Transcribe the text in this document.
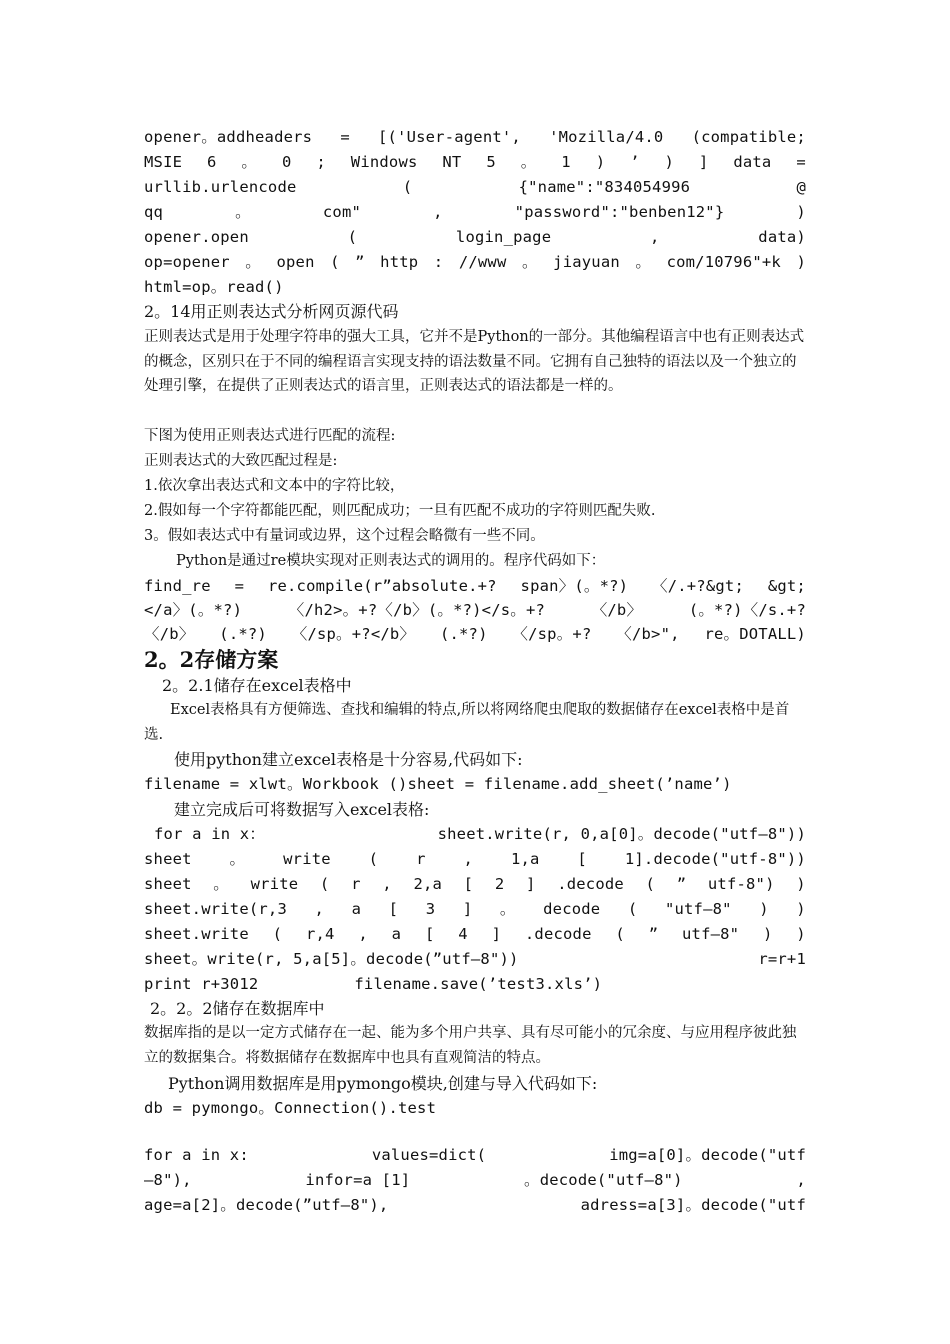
opener。addheaders = [('User-agent', 'Mozilla/4.0 (compatible;
MSIE 6 。 0 ; Windows NT 5 。 1 ) ’ ) ] data =
urllib.urlencode	(	{"name":"834054996	@
qq	。	com"	,	"password":"benben12"}	)
opener.open	(	login_page	,	data)
op=opener 。 open ( ” http : //www 。 jiayuan 。 com/10796"+k )
html=op。read()
2。14用正则表达式分析网页源代码
正则表达式是用于处理字符串的强大工具，它并不是Python的一部分。其他编程语言中也有正则表达式的概念，区别只在于不同的编程语言实现支持的语法数量不同。它拥有自己独特的语法以及一个独立的处理引擎，在提供了正则表达式的语言里，正则表达式的语法都是一样的。
下图为使用正则表达式进行匹配的流程:
正则表达式的大致匹配过程是:
1.依次拿出表达式和文本中的字符比较，
2.假如每一个字符都能匹配，则匹配成功；一旦有匹配不成功的字符则匹配失败.
3。假如表达式中有量词或边界，这个过程会略微有一些不同。
Python是通过re模块实现对正则表达式的调用的。程序代码如下：
find_re = re.compile(r”absolute.+? span〉(。*?) 〈/.+?&gt; &gt;
</a〉(。*?)	〈/h2>。+?〈/b〉(。*?)</s。+?	〈/b〉	(。*?)〈/s.+?
〈/b〉 (.*?) 〈/sp。+?</b〉 (.*?) 〈/sp。+? 〈/b>", re。DOTALL)
2。2存储方案
2。2.1储存在excel表格中
Excel表格具有方便筛选、查找和编辑的特点,所以将网络爬虫爬取的数据储存在excel表格中是首选.
使用python建立excel表格是十分容易,代码如下:
filename = xlwt。Workbook ()sheet = filename.add_sheet(’name’)
建立完成后可将数据写入excel表格:
for a in x：	sheet.write(r, 0,a[0]。decode("utf—8"))
sheet 。 write ( r , 1,a [ 1].decode("utf-8"))
sheet 。 write ( r , 2,a [ 2 ] .decode ( ” utf-8") )
sheet.write(r,3 , a [ 3 ] 。 decode ( "utf—8" ) )
sheet.write ( r,4 , a [ 4 ] .decode ( ” utf—8" ) )
sheet。write(r, 5,a[5]。decode(”utf—8"))	r=r+1
print r+3012	filename.save(’test3.xls’)
2。2。2储存在数据库中
数据库指的是以一定方式储存在一起、能为多个用户共享、具有尽可能小的冗余度、与应用程序彼此独立的数据集合。将数据储存在数据库中也具有直观简洁的特点。
Python调用数据库是用pymongo模块,创建与导入代码如下:
db = pymongo。Connection().test
for a in x:	values=dict(	img=a[0]。decode("utf
—8"),	infor=a [1]	。decode("utf—8")	,
age=a[2]。decode(”utf—8"),	adress=a[3]。decode("utf
